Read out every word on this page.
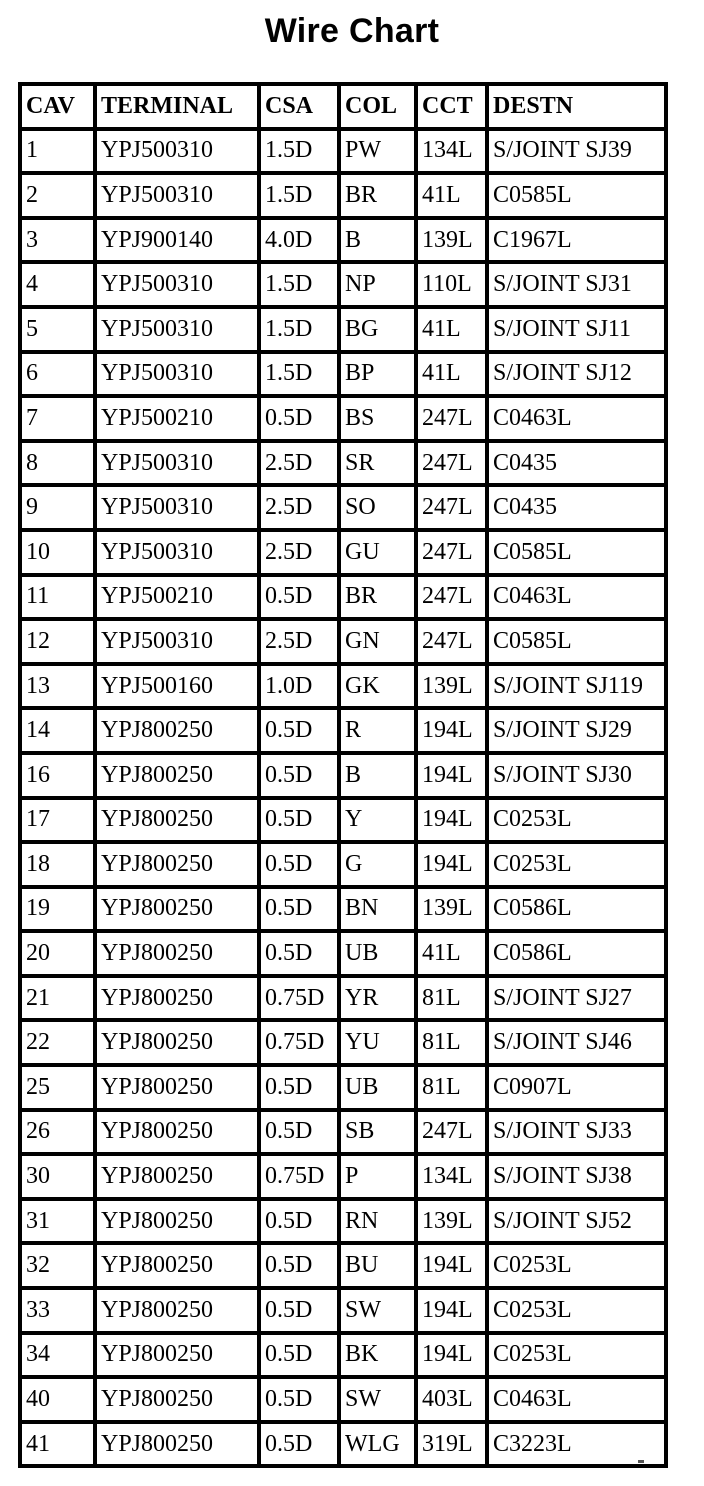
Wire Chart
CAV	TERMINAL	CSA	COL	CCT	DESTN
1	YPJ500310	1.5D	PW	134L	S/JOINT SJ39
2	YPJ500310	1.5D	BR	41L	C0585L
3	YPJ900140	4.0D	B	139L	C1967L
4	YPJ500310	1.5D	NP	110L	S/JOINT SJ31
5	YPJ500310	1.5D	BG	41L	S/JOINT SJ11
6	YPJ500310	1.5D	BP	41L	S/JOINT SJ12
7	YPJ500210	0.5D	BS	247L	C0463L
8	YPJ500310	2.5D	SR	247L	C0435
9	YPJ500310	2.5D	SO	247L	C0435
10	YPJ500310	2.5D	GU	247L	C0585L
11	YPJ500210	0.5D	BR	247L	C0463L
12	YPJ500310	2.5D	GN	247L	C0585L
13	YPJ500160	1.0D	GK	139L	S/JOINT SJ119
14	YPJ800250	0.5D	R	194L	S/JOINT SJ29
16	YPJ800250	0.5D	B	194L	S/JOINT SJ30
17	YPJ800250	0.5D	Y	194L	C0253L
18	YPJ800250	0.5D	G	194L	C0253L
19	YPJ800250	0.5D	BN	139L	C0586L
20	YPJ800250	0.5D	UB	41L	C0586L
21	YPJ800250	0.75D	YR	81L	S/JOINT SJ27
22	YPJ800250	0.75D	YU	81L	S/JOINT SJ46
25	YPJ800250	0.5D	UB	81L	C0907L
26	YPJ800250	0.5D	SB	247L	S/JOINT SJ33
30	YPJ800250	0.75D	P	134L	S/JOINT SJ38
31	YPJ800250	0.5D	RN	139L	S/JOINT SJ52
32	YPJ800250	0.5D	BU	194L	C0253L
33	YPJ800250	0.5D	SW	194L	C0253L
34	YPJ800250	0.5D	BK	194L	C0253L
40	YPJ800250	0.5D	SW	403L	C0463L
41	YPJ800250	0.5D	WLG	319L	C3223L
